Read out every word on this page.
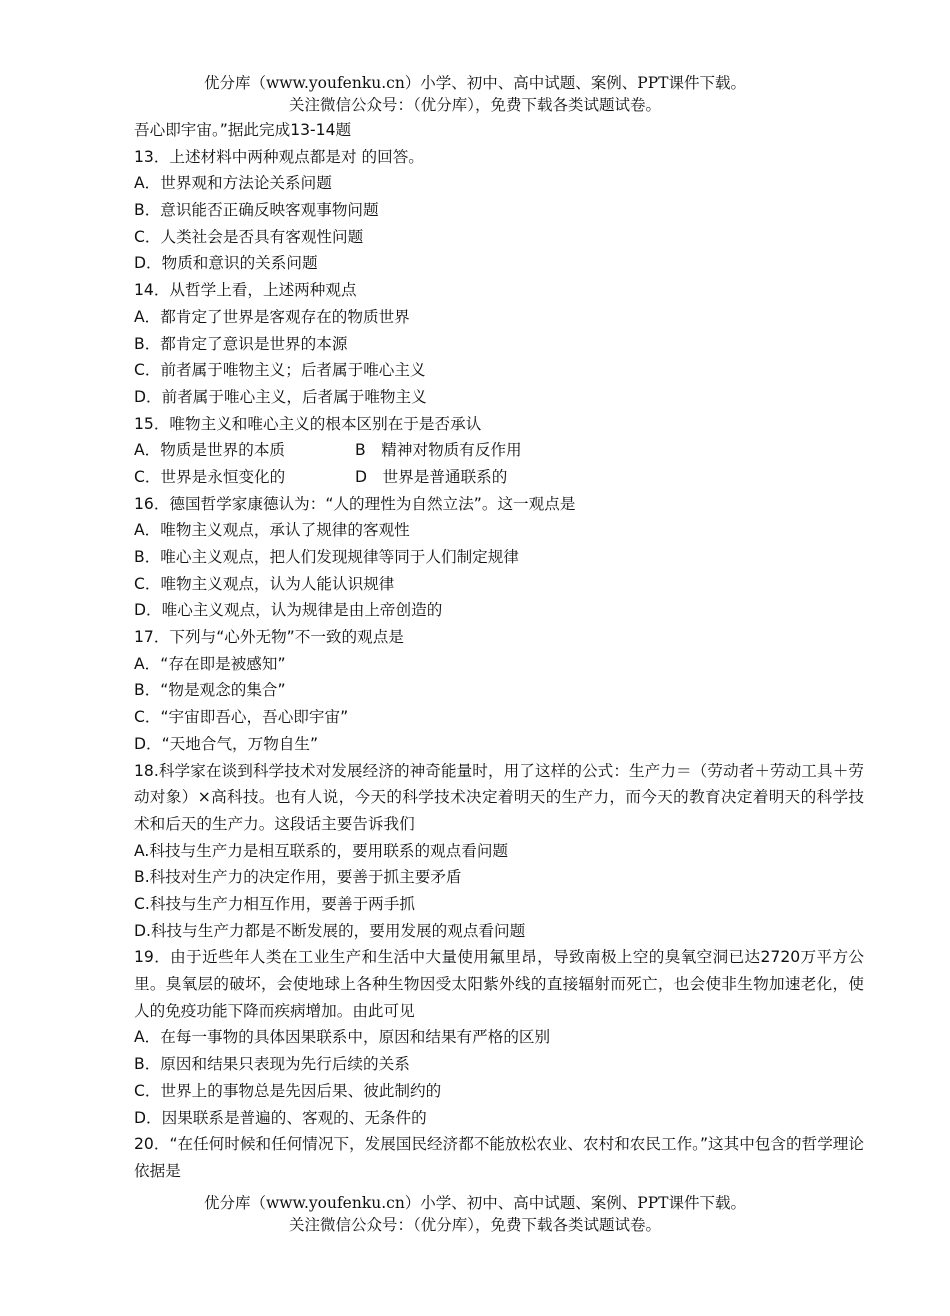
优分库（www.youfenku.cn）小学、初中、高中试题、案例、PPT课件下载。
关注微信公众号：（优分库），免费下载各类试题试卷。
吾心即宇宙。”据此完成13-14题
13．上述材料中两种观点都是对 的回答。
A．世界观和方法论关系问题
B．意识能否正确反映客观事物问题
C．人类社会是否具有客观性问题
D．物质和意识的关系问题
14．从哲学上看，上述两种观点
A．都肯定了世界是客观存在的物质世界
B．都肯定了意识是世界的本源
C．前者属于唯物主义；后者属于唯心主义
D．前者属于唯心主义，后者属于唯物主义
15．唯物主义和唯心主义的根本区别在于是否承认
A．物质是世界的本质	B　精神对物质有反作用
C．世界是永恒变化的	D　世界是普通联系的
16．德国哲学家康德认为：“人的理性为自然立法”。这一观点是
A．唯物主义观点，承认了规律的客观性
B．唯心主义观点，把人们发现规律等同于人们制定规律
C．唯物主义观点，认为人能认识规律
D．唯心主义观点，认为规律是由上帝创造的
17．下列与“心外无物”不一致的观点是
A．“存在即是被感知”
B．“物是观念的集合”
C．“宇宙即吾心，吾心即宇宙”
D．“天地合气，万物自生”
18.科学家在谈到科学技术对发展经济的神奇能量时，用了这样的公式：生产力＝（劳动者＋劳动工具＋劳动对象）×高科技。也有人说，今天的科学技术决定着明天的生产力，而今天的教育决定着明天的科学技术和后天的生产力。这段话主要告诉我们
A.科技与生产力是相互联系的，要用联系的观点看问题
B.科技对生产力的决定作用，要善于抓主要矛盾
C.科技与生产力相互作用，要善于两手抓
D.科技与生产力都是不断发展的，要用发展的观点看问题
19．由于近些年人类在工业生产和生活中大量使用氟里昂，导致南极上空的臭氧空洞已达2720万平方公里。臭氧层的破坏，会使地球上各种生物因受太阳紫外线的直接辐射而死亡，也会使非生物加速老化，使人的免疫功能下降而疾病增加。由此可见
A．在每一事物的具体因果联系中，原因和结果有严格的区别
B．原因和结果只表现为先行后续的关系
C．世界上的事物总是先因后果、彼此制约的
D．因果联系是普遍的、客观的、无条件的
20．“在任何时候和任何情况下，发展国民经济都不能放松农业、农村和农民工作。”这其中包含的哲学理论依据是
优分库（www.youfenku.cn）小学、初中、高中试题、案例、PPT课件下载。
关注微信公众号：（优分库），免费下载各类试题试卷。
